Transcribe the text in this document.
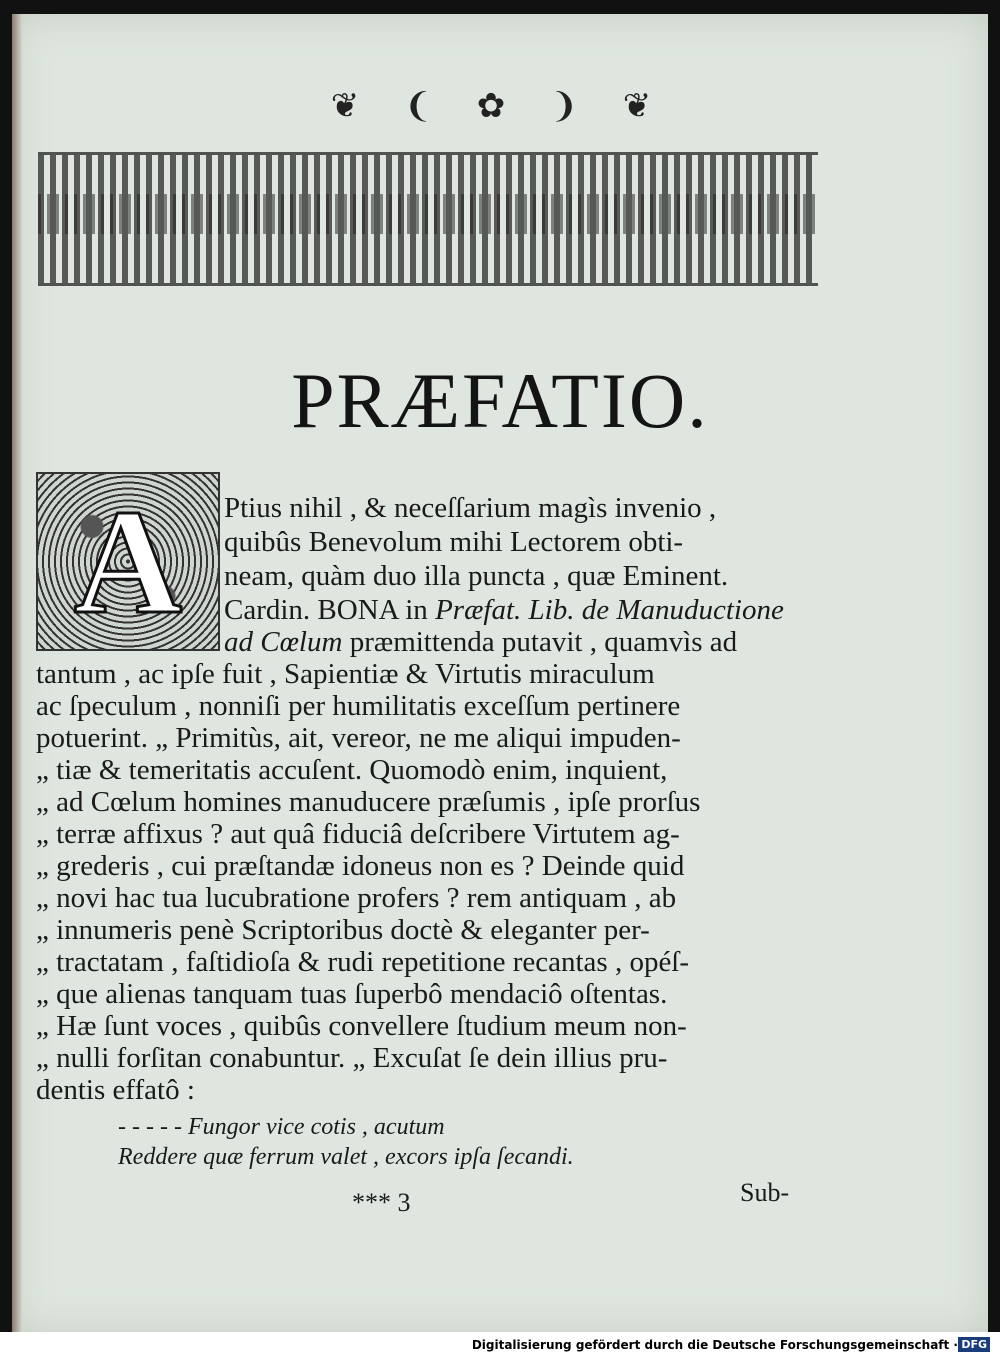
❦ ❨ ✿ ❩ ❦
PRÆFATIO.
A Ptius nihil , & neceſſarium magìs invenio ,
quibûs Benevolum mihi Lectorem obti-
neam, quàm duo illa puncta , quæ Eminent.
Cardin. BONA in Præfat. Lib. de Manuductione
ad Cœlum præmittenda putavit , quamvìs ad
tantum , ac ipſe fuit , Sapientiæ & Virtutis miraculum
ac ſpeculum , nonniſi per humilitatis exceſſum pertinere
potuerint. „ Primitùs, ait, vereor, ne me aliqui impuden-
„ tiæ & temeritatis accuſent. Quomodò enim, inquient,
„ ad Cœlum homines manuducere præſumis , ipſe prorſus
„ terræ affixus ? aut quâ fiduciâ deſcribere Virtutem ag-
„ grederis , cui præſtandæ idoneus non es ? Deinde quid
„ novi hac tua lucubratione profers ? rem antiquam , ab
„ innumeris penè Scriptoribus doctè & eleganter per-
„ tractatam , faſtidioſa & rudi repetitione recantas , opéſ-
„ que alienas tanquam tuas ſuperbô mendaciô oſtentas.
„ Hæ ſunt voces , quibûs convellere ſtudium meum non-
„ nulli forſitan conabuntur. „ Excuſat ſe dein illius pru-
dentis effatô :
- - - - - Fungor vice cotis , acutum
Reddere quæ ferrum valet , excors ipſa ſecandi.
*** 3	Sub-
Digitalisierung gefördert durch die Deutsche Forschungsgemeinschaft · DFG
